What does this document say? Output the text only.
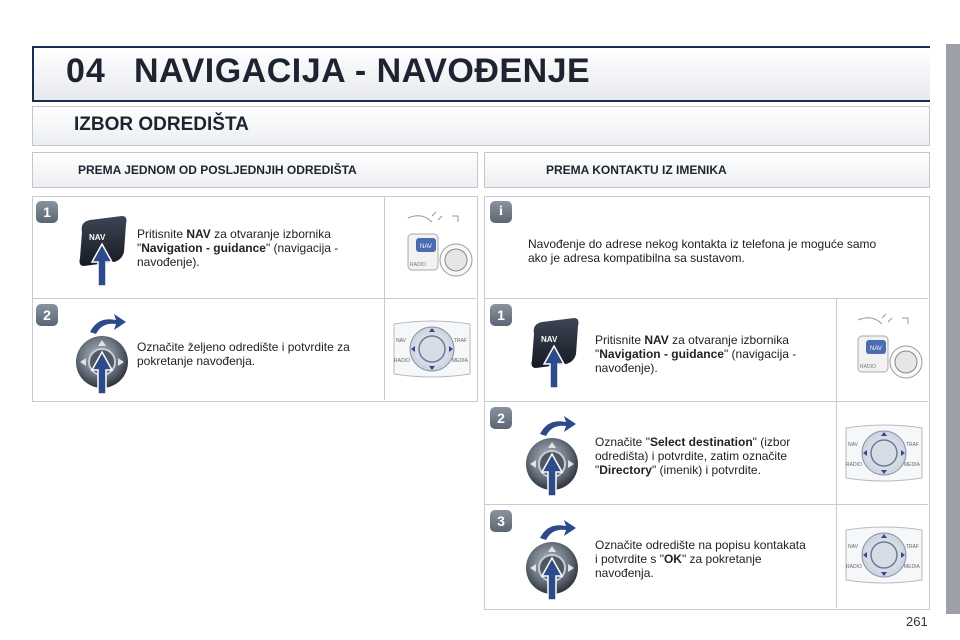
04 NAVIGACIJA - NAVOĐENJE
IZBOR ODREDIŠTA
PREMA JEDNOM OD POSLJEDNJIH ODREDIŠTA
1
NAV	Pritisnite NAV za otvaranje izbornika
"Navigation - guidance" (navigacija -
navođenje).
NAV
RADIO
2
Označite željeno odredište i potvrdite za
pokretanje navođenja.
NAV	TRAF
RADIO	MEDIA
PREMA KONTAKTU IZ IMENIKA
i
Navođenje do adrese nekog kontakta iz telefona je moguće samo
ako je adresa kompatibilna sa sustavom.
1
NAV	Pritisnite NAV za otvaranje izbornika
"Navigation - guidance" (navigacija -
navođenje).
NAV
RADIO
2
Označite "Select destination" (izbor
odredišta) i potvrdite, zatim označite
"Directory" (imenik) i potvrdite.
NAV	TRAF
RADIO	MEDIA
3
Označite odredište na popisu kontakata
i potvrdite s "OK" za pokretanje
navođenja.
NAV	TRAF
RADIO	MEDIA
261
